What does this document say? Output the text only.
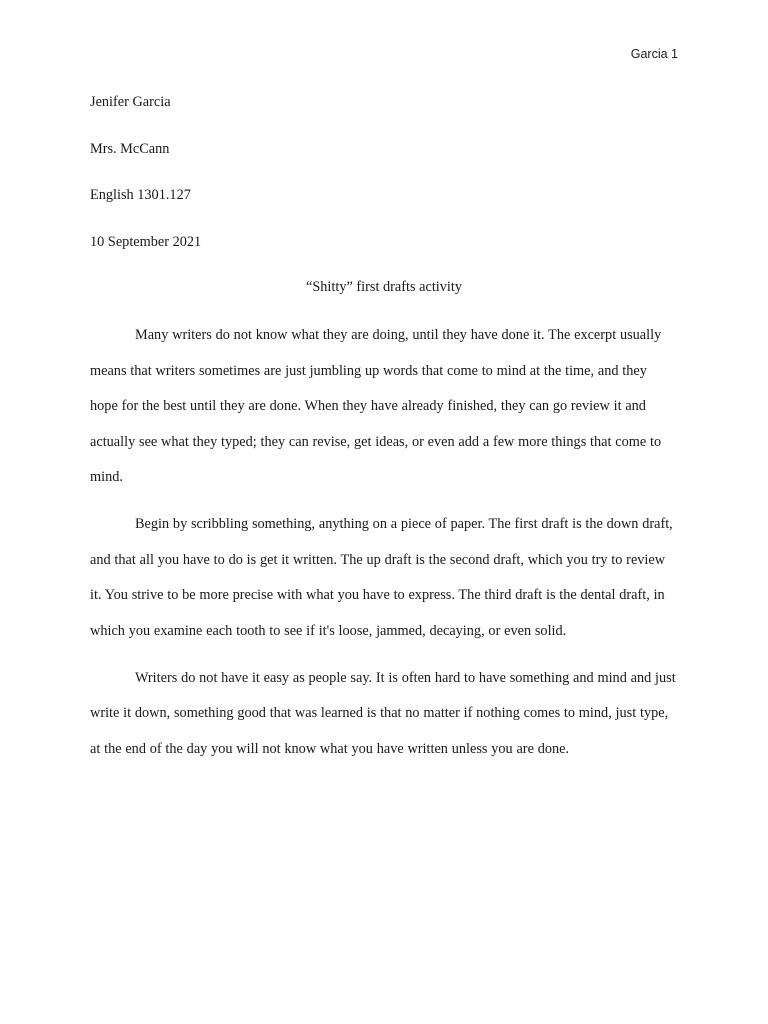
Garcia 1

Jenifer Garcia

Mrs. McCann

English 1301.127

10 September 2021

“Shitty” first drafts activity

Many writers do not know what they are doing, until they have done it. The excerpt usually means that writers sometimes are just jumbling up words that come to mind at the time, and they hope for the best until they are done. When they have already finished, they can go review it and actually see what they typed; they can revise, get ideas, or even add a few more things that come to mind.

Begin by scribbling something, anything on a piece of paper. The first draft is the down draft, and that all you have to do is get it written. The up draft is the second draft, which you try to review it. You strive to be more precise with what you have to express. The third draft is the dental draft, in which you examine each tooth to see if it's loose, jammed, decaying, or even solid.

Writers do not have it easy as people say. It is often hard to have something and mind and just write it down, something good that was learned is that no matter if nothing comes to mind, just type, at the end of the day you will not know what you have written unless you are done.
